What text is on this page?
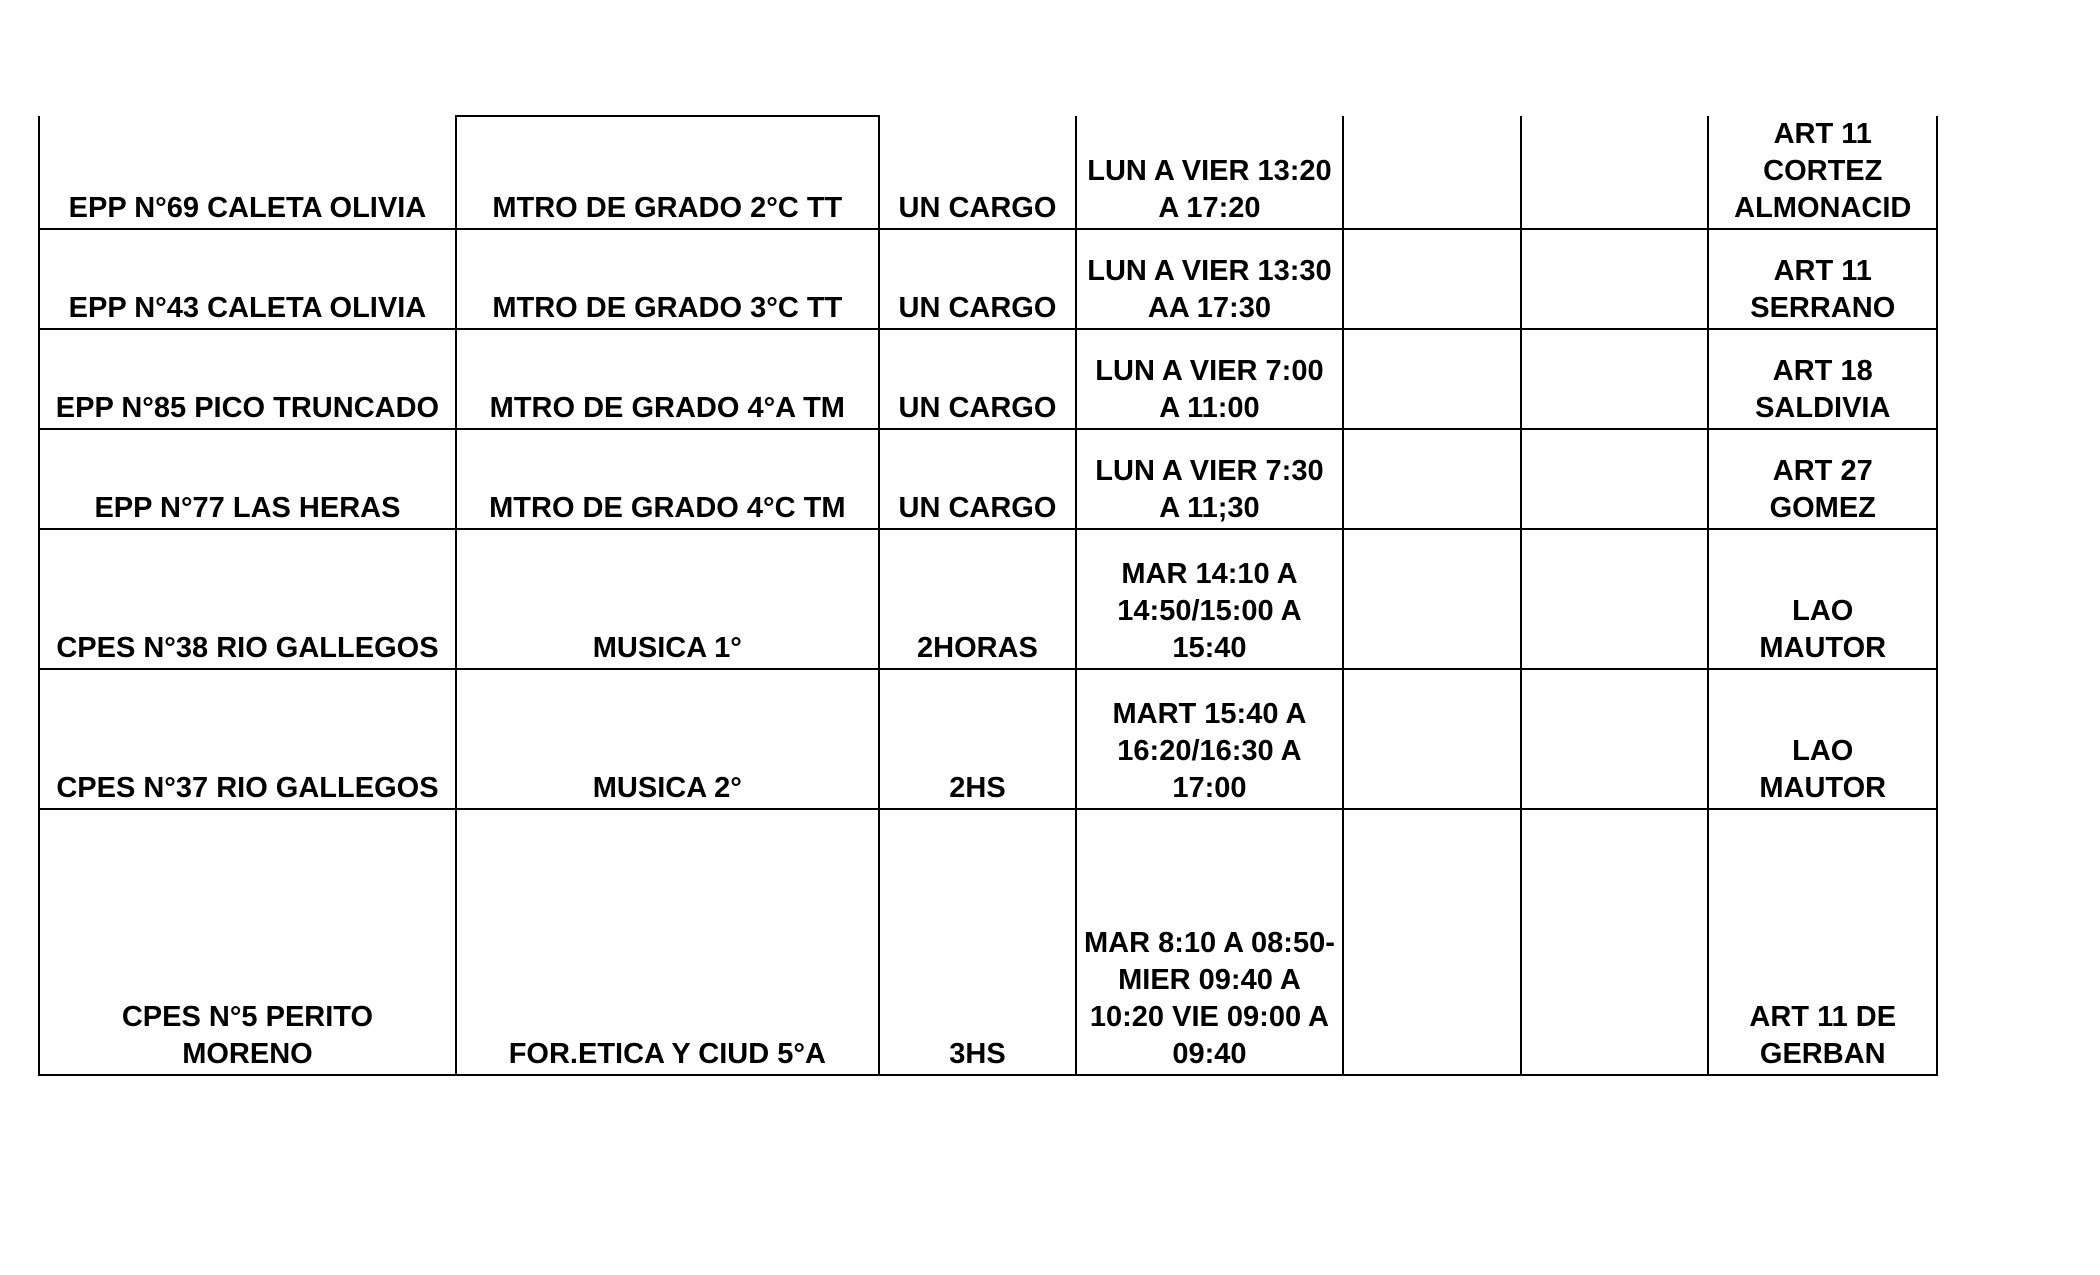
EPP N°69 CALETA OLIVIA	MTRO DE GRADO 2°C TT	UN CARGO	LUN A VIER 13:20
A 17:20			ART 11
CORTEZ
ALMONACID
EPP N°43 CALETA OLIVIA	MTRO DE GRADO 3°C TT	UN CARGO	LUN A VIER 13:30
AA 17:30			ART 11
SERRANO
EPP N°85 PICO TRUNCADO	MTRO DE GRADO 4°A TM	UN CARGO	LUN A VIER 7:00
A 11:00			ART 18
SALDIVIA
EPP N°77 LAS HERAS	MTRO DE GRADO 4°C TM	UN CARGO	LUN A VIER 7:30
A 11;30			ART 27
GOMEZ
CPES N°38 RIO GALLEGOS	MUSICA 1°	2HORAS	MAR 14:10 A
14:50/15:00 A
15:40			LAO
MAUTOR
CPES N°37 RIO GALLEGOS	MUSICA 2°	2HS	MART 15:40 A
16:20/16:30 A
17:00			LAO
MAUTOR
CPES N°5 PERITO
MORENO	FOR.ETICA Y CIUD 5°A	3HS	MAR 8:10 A 08:50-
MIER 09:40 A
10:20 VIE 09:00 A
09:40			ART 11 DE
GERBAN
